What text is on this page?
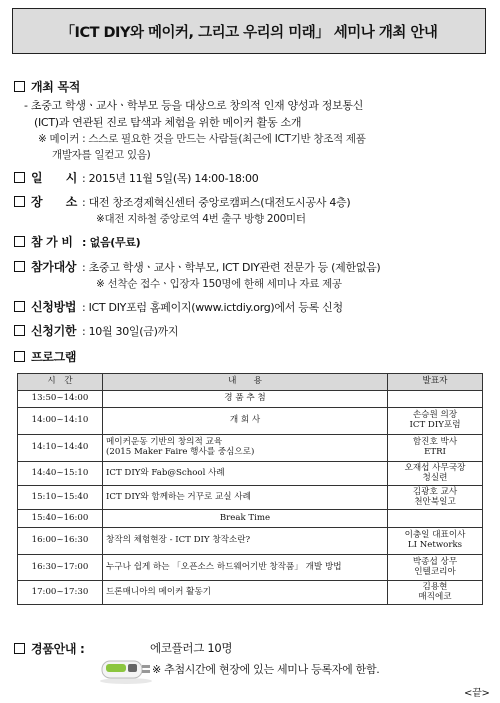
「ICT DIY와 메이커, 그리고 우리의 미래」 세미나 개최 안내
개최 목적
- 초중고 학생ㆍ교사ㆍ학부모 등을 대상으로 창의적 인재 양성과 정보통신
(ICT)과 연관된 진로 탐색과 체험을 위한 메이커 활동 소개
※ 메이커 : 스스로 필요한 것을 만드는 사람들(최근에 ICT기반 창조적 제품
개발자를 일컫고 있음)
일　　시 : 2015년 11월 5일(목) 14:00-18:00
장　　소 : 대전 창조경제혁신센터 중앙로캠퍼스(대전도시공사 4층)
※대전 지하철 중앙로역 4번 출구 방향 200미터
참 가 비 : 없음(무료)
참가대상 : 초중고 학생ㆍ교사ㆍ학부모, ICT DIY관련 전문가 등 (제한없음)
※ 선착순 접수ㆍ입장자 150명에 한해 세미나 자료 제공
신청방법 : ICT DIY포럼 홈페이지(www.ictdiy.org)에서 등록 신청
신청기한 : 10월 30일(금)까지
프로그램
시　간	내　　용	발표자
13:50~14:00	경 품 추 첨	
14:00~14:10	개 회 사	손승원 의장
ICT DIY포럼
14:10~14:40	메이커운동 기반의 창의적 교육
(2015 Maker Faire 행사를 중심으로)	함진호 박사
ETRI
14:40~15:10	ICT DIY와 Fab@School 사례	오재섭 사무국장
청실련
15:10~15:40	ICT DIY와 함께하는 거꾸로 교실 사례	김광호 교사
천안북일고
15:40~16:00	Break Time	
16:00~16:30	창작의 체험현장 - ICT DIY 창작소란?	이충일 대표이사
LI Networks
16:30~17:00	누구나 쉽게 하는 「오픈소스 하드웨어기반 창작품」 개발 방법	박종섭 상무
인텔코리아
17:00~17:30	드론매니아의 메이커 활동기	김용현
매직에코
경품안내 :	에코플러그 10명
※ 추첨시간에 현장에 있는 세미나 등록자에 한함.
<끝>
